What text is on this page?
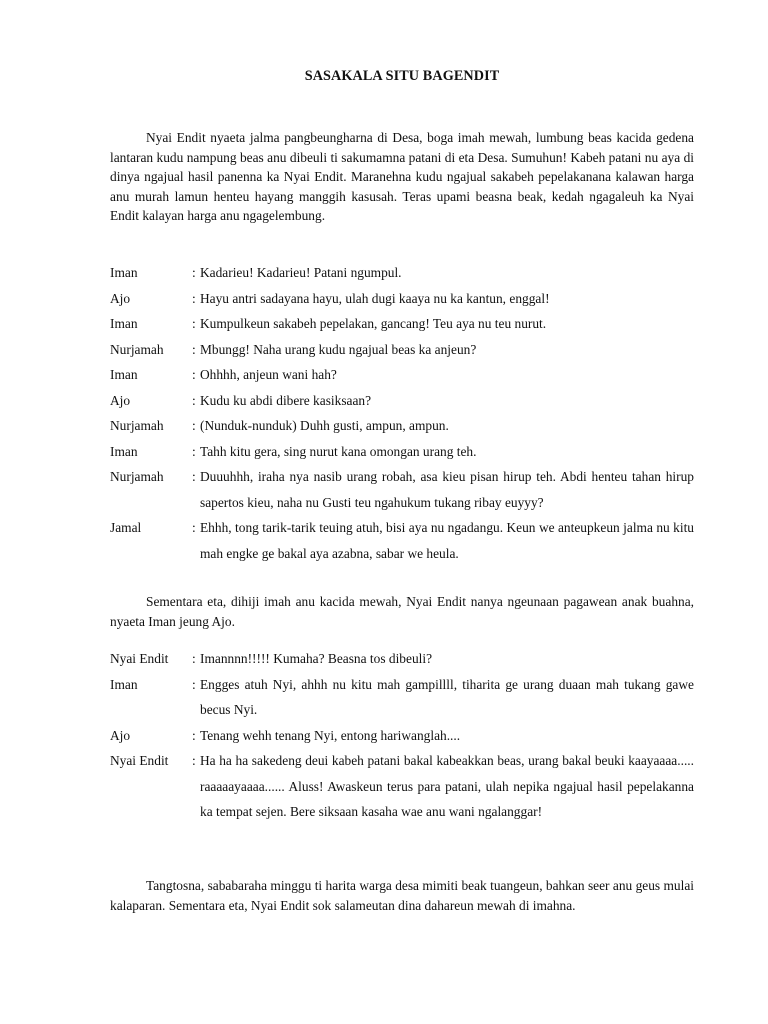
SASAKALA SITU BAGENDIT

Nyai Endit nyaeta jalma pangbeungharna di Desa, boga imah mewah, lumbung beas kacida gedena lantaran kudu nampung beas anu dibeuli ti sakumamna patani di eta Desa. Sumuhun! Kabeh patani nu aya di dinya ngajual hasil panenna ka Nyai Endit. Maranehna kudu ngajual sakabeh pepelakanana kalawan harga anu murah lamun henteu hayang manggih kasusah. Teras upami beasna beak, kedah ngagaleuh ka Nyai Endit kalayan harga anu ngagelembung.

Iman	: Kadarieu! Kadarieu! Patani ngumpul.
Ajo	: Hayu antri sadayana hayu, ulah dugi kaaya nu ka kantun, enggal!
Iman	: Kumpulkeun sakabeh pepelakan, gancang! Teu aya nu teu nurut.
Nurjamah	: Mbungg! Naha urang kudu ngajual beas ka anjeun?
Iman	: Ohhhh, anjeun wani hah?
Ajo	: Kudu ku abdi dibere kasiksaan?
Nurjamah	: (Nunduk-nunduk) Duhh gusti, ampun, ampun.
Iman	: Tahh kitu gera, sing nurut kana omongan urang teh.
Nurjamah	: Duuuhhh, iraha nya nasib urang robah, asa kieu pisan hirup teh. Abdi henteu tahan hirup sapertos kieu, naha nu Gusti teu ngahukum tukang ribay euyyy?
Jamal	: Ehhh, tong tarik-tarik teuing atuh, bisi aya nu ngadangu. Keun we anteupkeun jalma nu kitu mah engke ge bakal aya azabna, sabar we heula.

Sementara eta, dihiji imah anu kacida mewah, Nyai Endit nanya ngeunaan pagawean anak buahna, nyaeta Iman jeung Ajo.

Nyai Endit	: Imannnn!!!!! Kumaha? Beasna tos dibeuli?
Iman	: Engges atuh Nyi, ahhh nu kitu mah gampillll, tiharita ge urang duaan mah tukang gawe becus Nyi.
Ajo	: Tenang wehh tenang Nyi, entong hariwanglah....
Nyai Endit	: Ha ha ha sakedeng deui kabeh patani bakal kabeakkan beas, urang bakal beuki kaayaaaa..... raaaaayaaaa...... Aluss! Awaskeun terus para patani, ulah nepika ngajual hasil pepelakanna ka tempat sejen. Bere siksaan kasaha wae anu wani ngalanggar!

Tangtosna, sababaraha minggu ti harita warga desa mimiti beak tuangeun, bahkan seer anu geus mulai kalaparan. Sementara eta, Nyai Endit sok salameutan dina dahareun mewah di imahna.
